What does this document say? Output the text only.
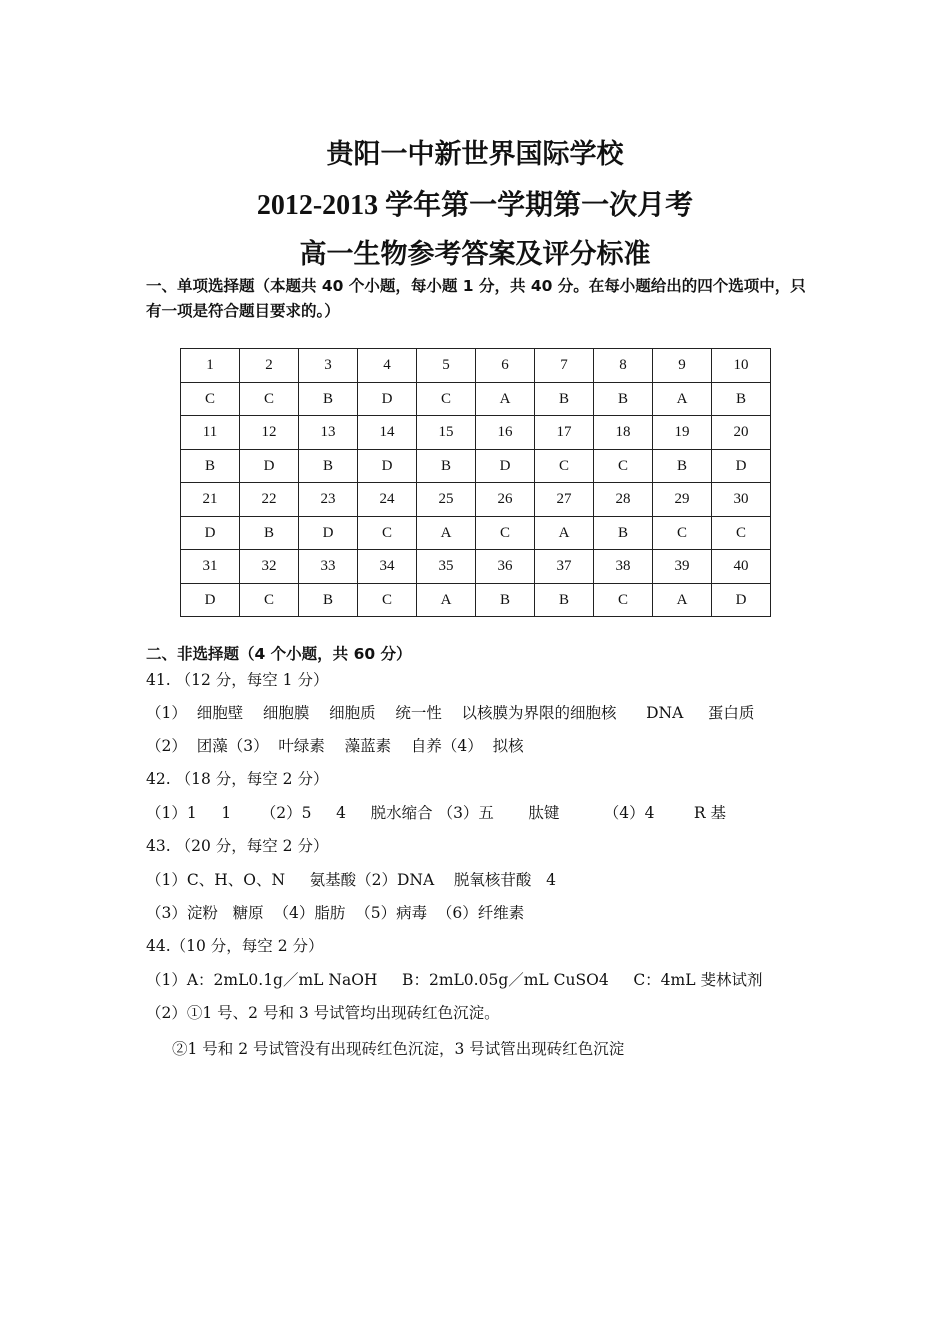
贵阳一中新世界国际学校
2012-2013 学年第一学期第一次月考
高一生物参考答案及评分标准
一、单项选择题（本题共 40 个小题，每小题 1 分，共 40 分。在每小题给出的四个选项中，只有一项是符合题目要求的。）
1	2	3	4	5	6	7	8	9	10
C	C	B	D	C	A	B	B	A	B
11	12	13	14	15	16	17	18	19	20
B	D	B	D	B	D	C	C	B	D
21	22	23	24	25	26	27	28	29	30
D	B	D	C	A	C	A	B	C	C
31	32	33	34	35	36	37	38	39	40
D	C	B	C	A	B	B	C	A	D
二、非选择题（4 个小题，共 60 分）
41. （12 分，每空 1 分）
（1）  细胞壁    细胞膜    细胞质    统一性    以核膜为界限的细胞核      DNA     蛋白质
（2）  团藻（3）  叶绿素    藻蓝素    自养（4）  拟核
42. （18 分，每空 2 分）
（1）1     1      （2）5     4     脱水缩合 （3）五       肽键         （4）4        R 基
43. （20 分，每空 2 分）
（1）C、H、O、N     氨基酸（2）DNA    脱氧核苷酸   4
（3）淀粉   糖原  （4）脂肪  （5）病毒  （6）纤维素
44.（10 分，每空 2 分）
（1）A：2mL0.1g／mL NaOH     B：2mL0.05g／mL CuSO4     C：4mL 斐林试剂
（2）①1 号、2 号和 3 号试管均出现砖红色沉淀。
②1 号和 2 号试管没有出现砖红色沉淀，3 号试管出现砖红色沉淀
